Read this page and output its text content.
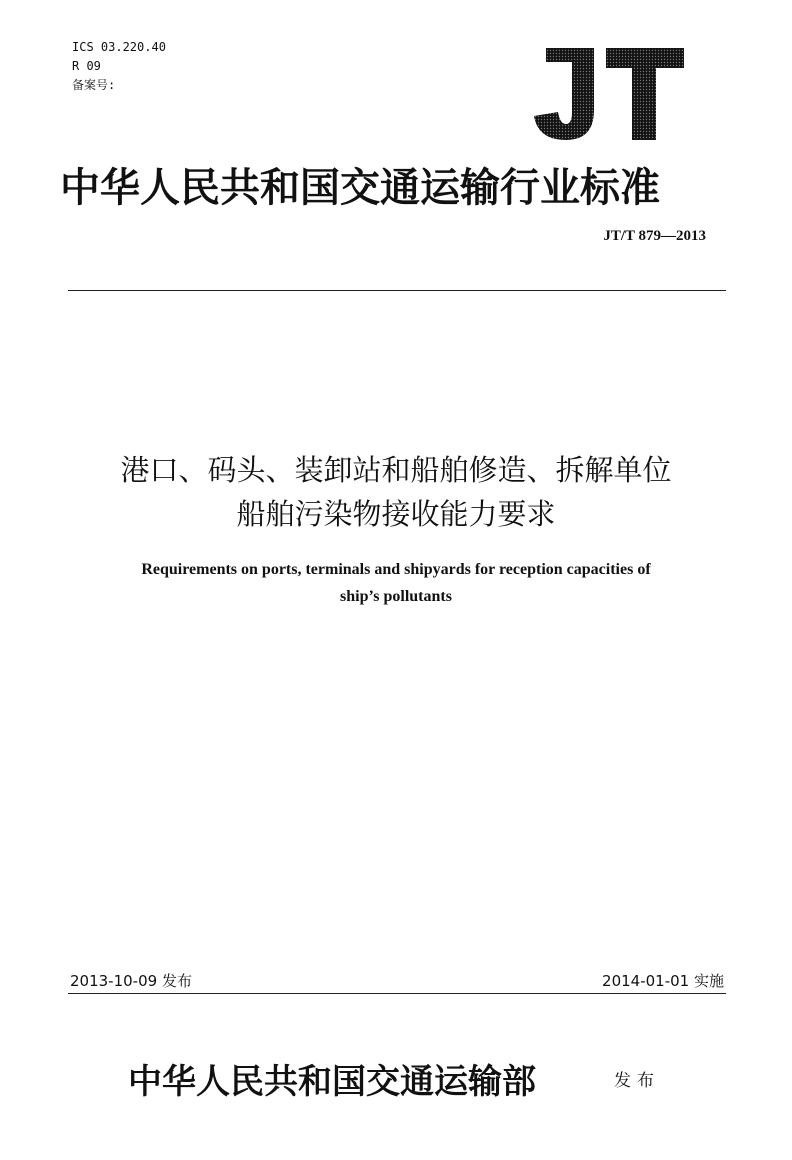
ICS 03.220.40
R 09
备案号:
中华人民共和国交通运输行业标准
JT/T 879—2013
港口、码头、装卸站和船舶修造、拆解单位
船舶污染物接收能力要求
Requirements on ports, terminals and shipyards for reception capacities of
ship’s pollutants
2013-10-09 发布	2014-01-01 实施
中华人民共和国交通运输部	发布
